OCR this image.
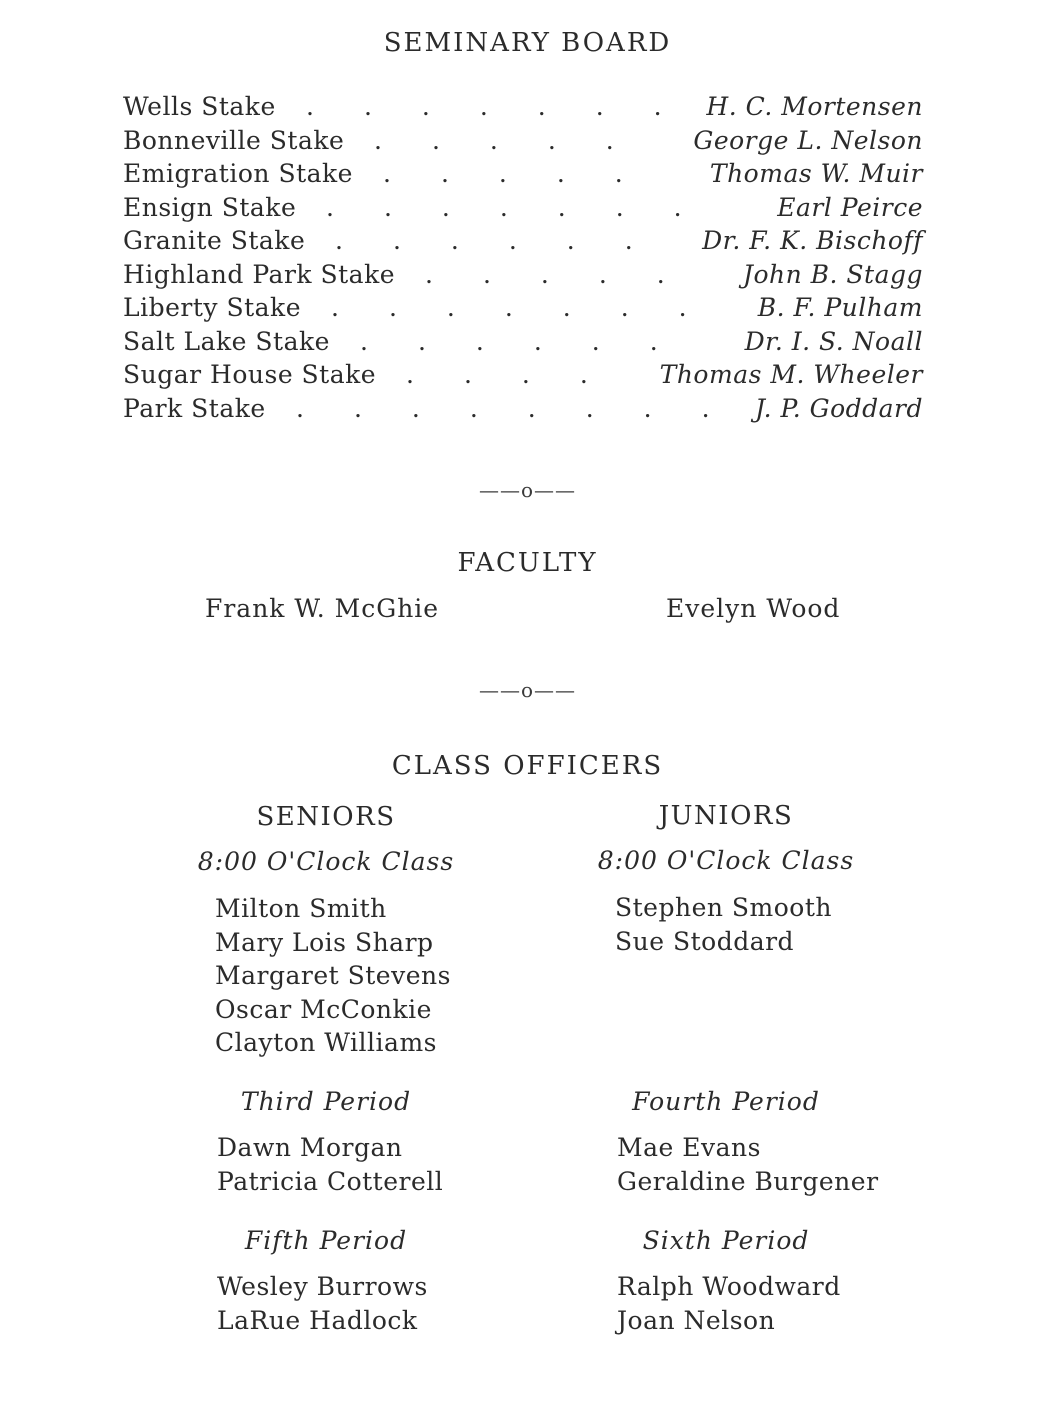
SEMINARY BOARD
Wells Stake .  .  .  .  .  .  .	H. C. Mortensen
Bonneville Stake .  .  .  .  .	George L. Nelson
Emigration Stake .  .  .  .  .	Thomas W. Muir
Ensign Stake .  .  .  .  .  .  .	Earl Peirce
Granite Stake .  .  .  .  .  .	Dr. F. K. Bischoff
Highland Park Stake .  .  .  .  .	John B. Stagg
Liberty Stake .  .  .  .  .  .  .	B. F. Pulham
Salt Lake Stake .  .  .  .  .  .	Dr. I. S. Noall
Sugar House Stake .  .  .  .	Thomas M. Wheeler
Park Stake .  .  .  .  .  .  .  .	J. P. Goddard
——o——
FACULTY
Frank W. McGhie	Evelyn Wood
——o——
CLASS OFFICERS
SENIORS
8:00 O'Clock Class
Milton Smith
Mary Lois Sharp
Margaret Stevens
Oscar McConkie
Clayton Williams
Third Period
Dawn Morgan
Patricia Cotterell
Fifth Period
Wesley Burrows
LaRue Hadlock
JUNIORS
8:00 O'Clock Class
Stephen Smooth
Sue Stoddard
Fourth Period
Mae Evans
Geraldine Burgener
Sixth Period
Ralph Woodward
Joan Nelson
